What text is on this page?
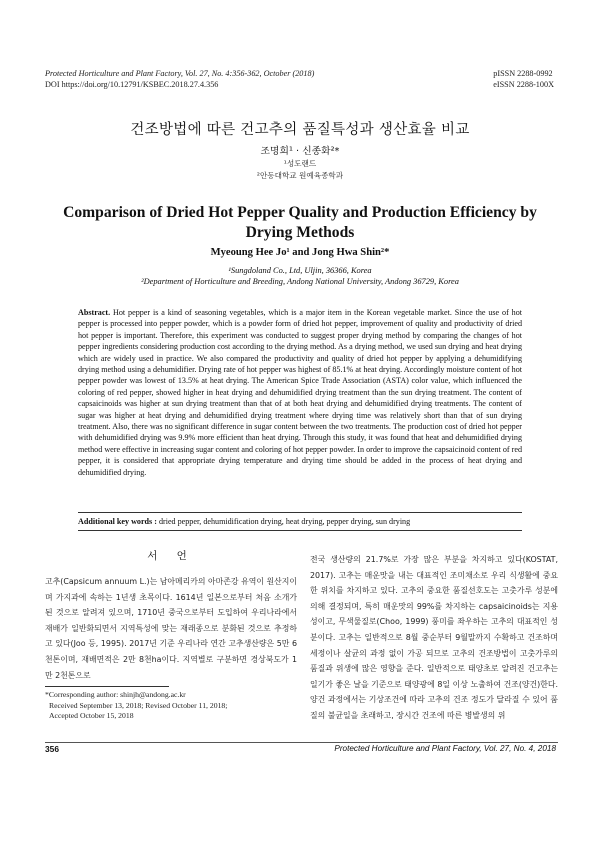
Protected Horticulture and Plant Factory, Vol. 27, No. 4:356-362, October (2018)
DOI https://doi.org/10.12791/KSBEC.2018.27.4.356
pISSN 2288-0992
eISSN 2288-100X
건조방법에 따른 건고추의 품질특성과 생산효율 비교
조명희¹ · 신종화²*
¹성도랜드
²안동대학교 원예육종학과
Comparison of Dried Hot Pepper Quality and Production Efficiency by Drying Methods
Myeoung Hee Jo¹ and Jong Hwa Shin²*
¹Sungdoland Co., Ltd, Uljin, 36366, Korea
²Department of Horticulture and Breeding, Andong National University, Andong 36729, Korea
Abstract. Hot pepper is a kind of seasoning vegetables, which is a major item in the Korean vegetable market. Since the use of hot pepper is processed into pepper powder, which is a powder form of dried hot pepper, improvement of quality and productivity of dried hot pepper is important. Therefore, this experiment was conducted to suggest proper drying method by comparing the changes of hot pepper ingredients considering production cost according to the drying method. As a drying method, we used sun drying and heat drying which are widely used in practice. We also compared the productivity and quality of dried hot pepper by applying a dehumidifying drying method using a dehumidifier. Drying rate of hot pepper was highest of 85.1% at heat drying. Accordingly moisture content of hot pepper powder was lowest of 13.5% at heat drying. The American Spice Trade Association (ASTA) color value, which influenced the coloring of red pepper, showed higher in heat drying and dehumidified drying treatment than the sun drying treatment. The content of capsaicinoids was higher at sun drying treatment than that of at both heat drying and dehumidified drying treatments. The content of sugar was higher at heat drying and dehumidified drying treatment where drying time was relatively short than that of sun drying treatment. Also, there was no significant difference in sugar content between the two treatments. The production cost of dried hot pepper with dehumidified drying was 9.9% more efficient than heat drying. Through this study, it was found that heat and dehumidified drying method were effective in increasing sugar content and coloring of hot pepper powder. In order to improve the capsaicinoid content of red pepper, it is considered that appropriate drying temperature and drying time should be added in the process of heat drying and dehumidified drying.
Additional key words : dried pepper, dehumidification drying, heat drying, pepper drying, sun drying
서 언
고추(Capsicum annuum L.)는 남아메리카의 아마존강 유역이 원산지이며 가지과에 속하는 1년생 초목이다. 1614년 일본으로부터 처음 소개가 된 것으로 알려져 있으며, 1710년 중국으로부터 도입하여 우리나라에서 재배가 일반화되면서 지역특성에 맞는 재래종으로 분화된 것으로 추정하고 있다(Joo 등, 1995). 2017년 기준 우리나라 연간 고추생산량은 5만 6천톤이며, 재배면적은 2만 8천ha이다. 지역별로 구분하면 경상북도가 1만 2천톤으로
전국 생산량의 21.7%로 가장 많은 부분을 차지하고 있다(KOSTAT, 2017). 고추는 매운맛을 내는 대표적인 조미채소로 우리 식생활에 중요한 위치를 차지하고 있다. 고추의 중요한 품질선호도는 고춧가루 성분에 의해 결정되며, 특히 매운맛의 99%를 차지하는 capsaicinoids는 지용성이고, 무색물질로(Choo, 1999) 풍미를 좌우하는 고추의 대표적인 성분이다. 고추는 일반적으로 8월 중순부터 9월말까지 수확하고 건조하며 세정이나 살균의 과정 없이 가공 되므로 고추의 건조방법이 고춧가루의 품질과 위생에 많은 영향을 준다. 일반적으로 태양초로 알려진 건고추는 일기가 좋은 날을 기준으로 태양광에 8일 이상 노출하여 건조(양건)한다. 양건 과정에서는 기상조건에 따라 고추의 건조 정도가 달라질 수 있어 품질의 불균일을 초래하고, 장시간 건조에 따른 병발생의 위
*Corresponding author: shinjh@andong.ac.kr
Received September 13, 2018; Revised October 11, 2018;
Accepted October 15, 2018
356	Protected Horticulture and Plant Factory, Vol. 27, No. 4, 2018
